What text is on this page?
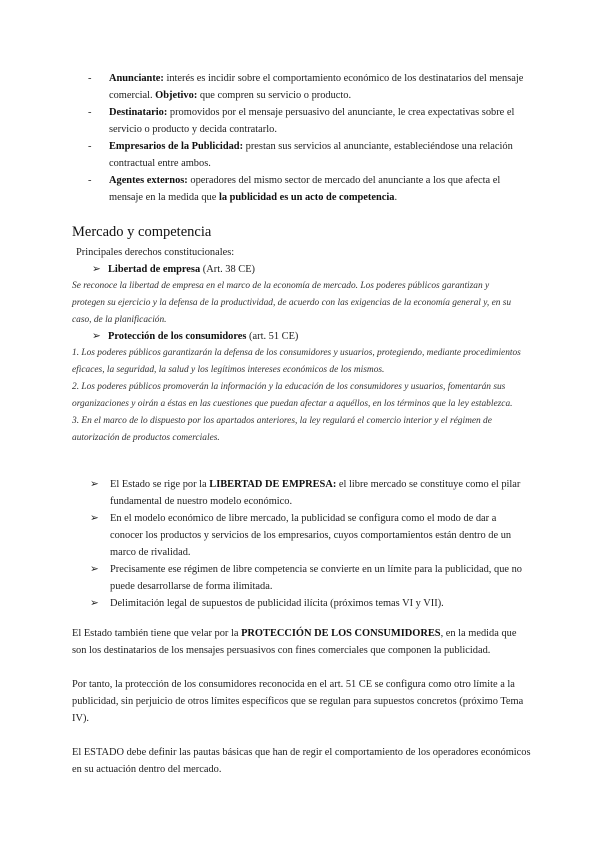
- Anunciante: interés es incidir sobre el comportamiento económico de los destinatarios del mensaje comercial. Objetivo: que compren su servicio o producto.
- Destinatario: promovidos por el mensaje persuasivo del anunciante, le crea expectativas sobre el servicio o producto y decida contratarlo.
- Empresarios de la Publicidad: prestan sus servicios al anunciante, estableciéndose una relación contractual entre ambos.
- Agentes externos: operadores del mismo sector de mercado del anunciante a los que afecta el mensaje en la medida que la publicidad es un acto de competencia.
Mercado y competencia

Principales derechos constitucionales:

➢ Libertad de empresa (Art. 38 CE)

Se reconoce la libertad de empresa en el marco de la economía de mercado. Los poderes públicos garantizan y protegen su ejercicio y la defensa de la productividad, de acuerdo con las exigencias de la economía general y, en su caso, de la planificación.

➢ Protección de los consumidores (art. 51 CE)

1. Los poderes públicos garantizarán la defensa de los consumidores y usuarios, protegiendo, mediante procedimientos eficaces, la seguridad, la salud y los legítimos intereses económicos de los mismos.
2. Los poderes públicos promoverán la información y la educación de los consumidores y usuarios, fomentarán sus organizaciones y oirán a éstas en las cuestiones que puedan afectar a aquéllos, en los términos que la ley establezca.
3. En el marco de lo dispuesto por los apartados anteriores, la ley regulará el comercio interior y el régimen de autorización de productos comerciales.
➢ El Estado se rige por la LIBERTAD DE EMPRESA: el libre mercado se constituye como el pilar fundamental de nuestro modelo económico.
➢ En el modelo económico de libre mercado, la publicidad se configura como el modo de dar a conocer los productos y servicios de los empresarios, cuyos comportamientos están dentro de un marco de rivalidad.
➢ Precisamente ese régimen de libre competencia se convierte en un límite para la publicidad, que no puede desarrollarse de forma ilimitada.
➢ Delimitación legal de supuestos de publicidad ilícita (próximos temas VI y VII).

El Estado también tiene que velar por la PROTECCIÓN DE LOS CONSUMIDORES, en la medida que son los destinatarios de los mensajes persuasivos con fines comerciales que componen la publicidad.

Por tanto, la protección de los consumidores reconocida en el art. 51 CE se configura como otro límite a la publicidad, sin perjuicio de otros límites específicos que se regulan para supuestos concretos (próximo Tema IV).

El ESTADO debe definir las pautas básicas que han de regir el comportamiento de los operadores económicos en su actuación dentro del mercado.
